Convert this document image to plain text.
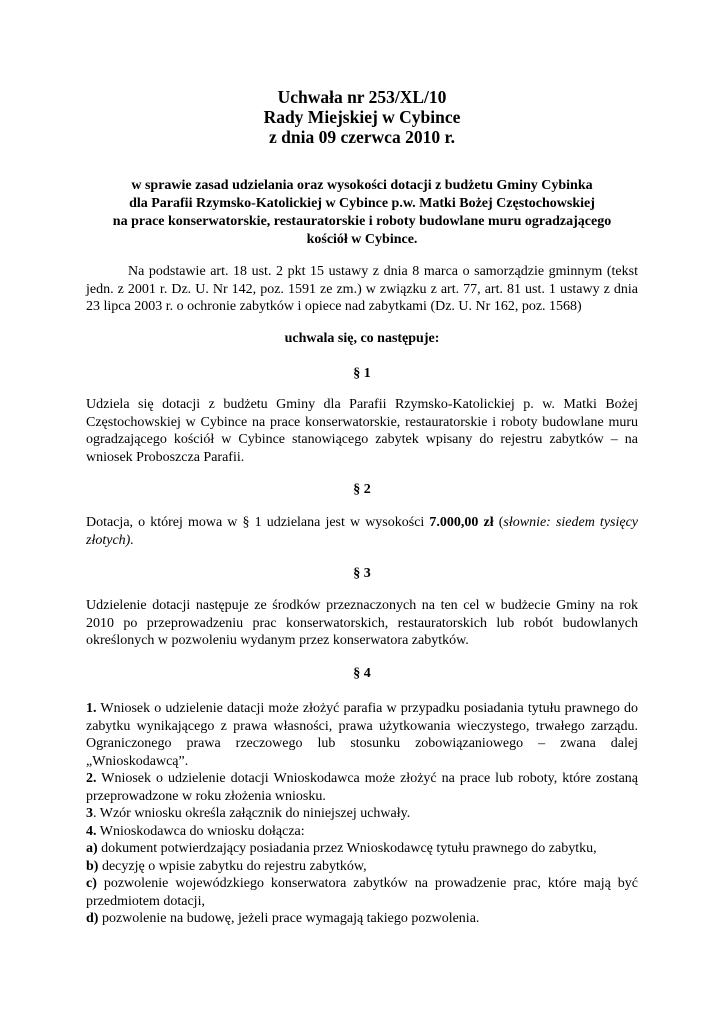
Uchwała nr 253/XL/10
Rady Miejskiej w Cybince
z dnia 09 czerwca 2010 r.
w sprawie zasad udzielania oraz wysokości dotacji z budżetu Gminy Cybinka
dla Parafii Rzymsko-Katolickiej w Cybince p.w. Matki Bożej Częstochowskiej
na prace konserwatorskie, restauratorskie i roboty budowlane muru ogradzającego
kościół w Cybince.

Na podstawie art. 18 ust. 2 pkt 15 ustawy z dnia 8 marca o samorządzie gminnym (tekst jedn. z 2001 r. Dz. U. Nr 142, poz. 1591 ze zm.) w związku z art. 77, art. 81 ust. 1 ustawy z dnia 23 lipca 2003 r. o ochronie zabytków i opiece nad zabytkami (Dz. U. Nr 162, poz. 1568)

uchwala się, co następuje:
§ 1

Udziela się dotacji z budżetu Gminy dla Parafii Rzymsko-Katolickiej p. w. Matki Bożej Częstochowskiej w Cybince na prace konserwatorskie, restauratorskie i roboty budowlane muru ogradzającego kościół w Cybince stanowiącego zabytek wpisany do rejestru zabytków – na wniosek Proboszcza Parafii.

§ 2

Dotacja, o której mowa w § 1 udzielana jest w wysokości 7.000,00 zł (słownie: siedem tysięcy złotych).

§ 3

Udzielenie dotacji następuje ze środków przeznaczonych na ten cel w budżecie Gminy na rok 2010 po przeprowadzeniu prac konserwatorskich, restauratorskich lub robót budowlanych określonych w pozwoleniu wydanym przez konserwatora zabytków.

§ 4

1. Wniosek o udzielenie datacji może złożyć parafia w przypadku posiadania tytułu prawnego do zabytku wynikającego z prawa własności, prawa użytkowania wieczystego, trwałego zarządu. Ograniczonego prawa rzeczowego lub stosunku zobowiązaniowego – zwana dalej „Wnioskodawcą”.

2. Wniosek o udzielenie dotacji Wnioskodawca może złożyć na prace lub roboty, które zostaną przeprowadzone w roku złożenia wniosku.

3. Wzór wniosku określa załącznik do niniejszej uchwały.

4. Wnioskodawca do wniosku dołącza:

a) dokument potwierdzający posiadania przez Wnioskodawcę tytułu prawnego do zabytku,

b) decyzję o wpisie zabytku do rejestru zabytków,

c) pozwolenie wojewódzkiego konserwatora zabytków na prowadzenie prac, które mają być przedmiotem dotacji,

d) pozwolenie na budowę, jeżeli prace wymagają takiego pozwolenia.
